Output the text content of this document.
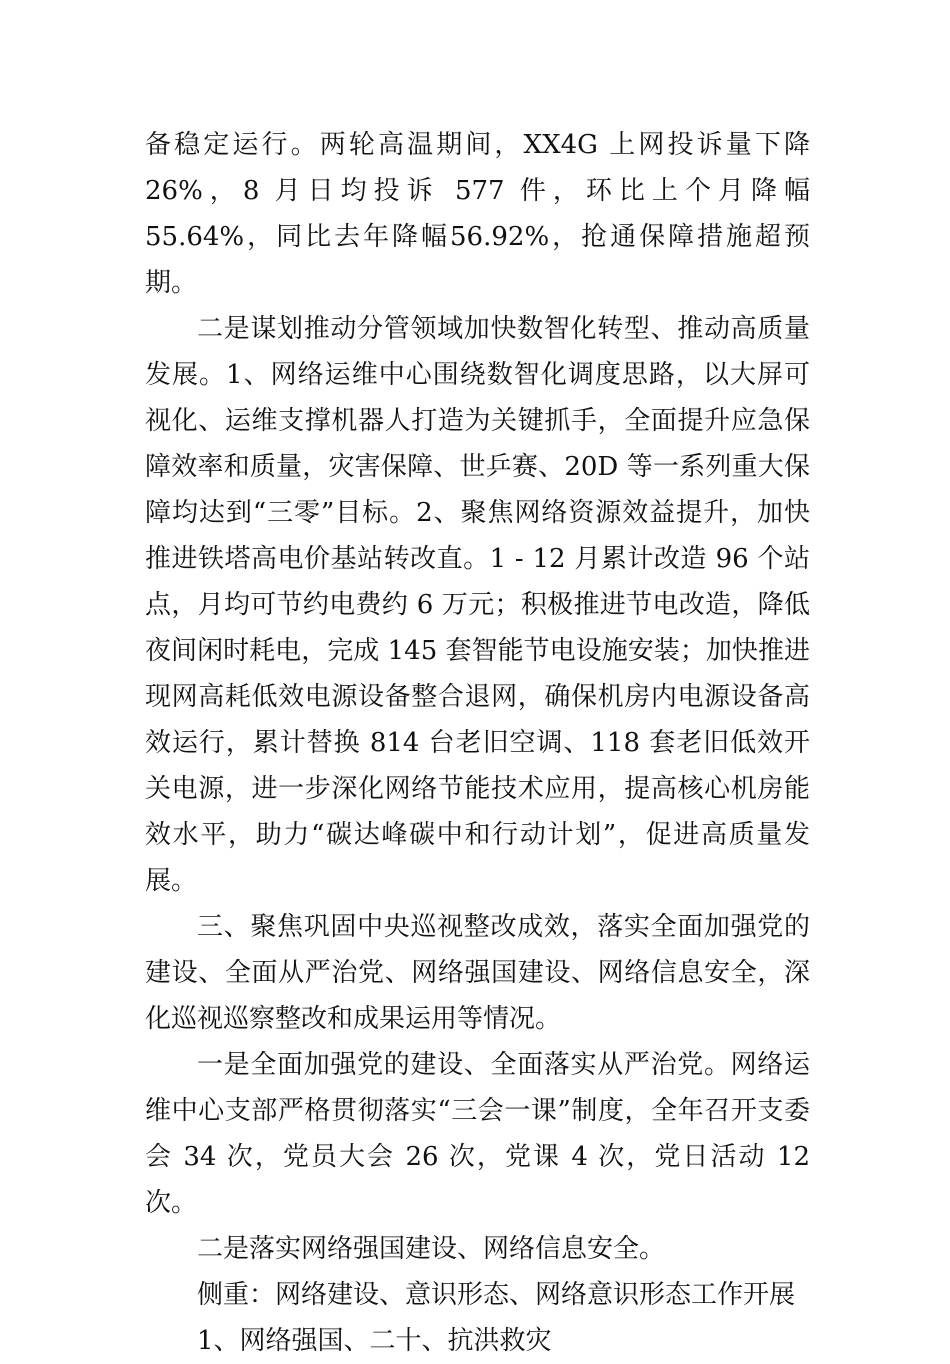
备稳定运行。两轮高温期间，XX4G 上网投诉量下降 26%，8 月日均投诉 577 件，环比上个月降幅 55.64%，同比去年降幅56.92%，抢通保障措施超预期。

二是谋划推动分管领域加快数智化转型、推动高质量发展。1、网络运维中心围绕数智化调度思路，以大屏可视化、运维支撑机器人打造为关键抓手，全面提升应急保障效率和质量，灾害保障、世乒赛、20D 等一系列重大保障均达到“三零”目标。2、聚焦网络资源效益提升，加快推进铁塔高电价基站转改直。1 - 12 月累计改造 96 个站点，月均可节约电费约 6 万元；积极推进节电改造，降低夜间闲时耗电，完成 145 套智能节电设施安装；加快推进现网高耗低效电源设备整合退网，确保机房内电源设备高效运行，累计替换 814 台老旧空调、118 套老旧低效开关电源，进一步深化网络节能技术应用，提高核心机房能效水平，助力“碳达峰碳中和行动计划”，促进高质量发展。

三、聚焦巩固中央巡视整改成效，落实全面加强党的建设、全面从严治党、网络强国建设、网络信息安全，深化巡视巡察整改和成果运用等情况。

一是全面加强党的建设、全面落实从严治党。网络运维中心支部严格贯彻落实“三会一课”制度，全年召开支委会 34 次，党员大会 26 次，党课 4 次，党日活动 12 次。

二是落实网络强国建设、网络信息安全。

侧重：网络建设、意识形态、网络意识形态工作开展

1、网络强国、二十、抗洪救灾
